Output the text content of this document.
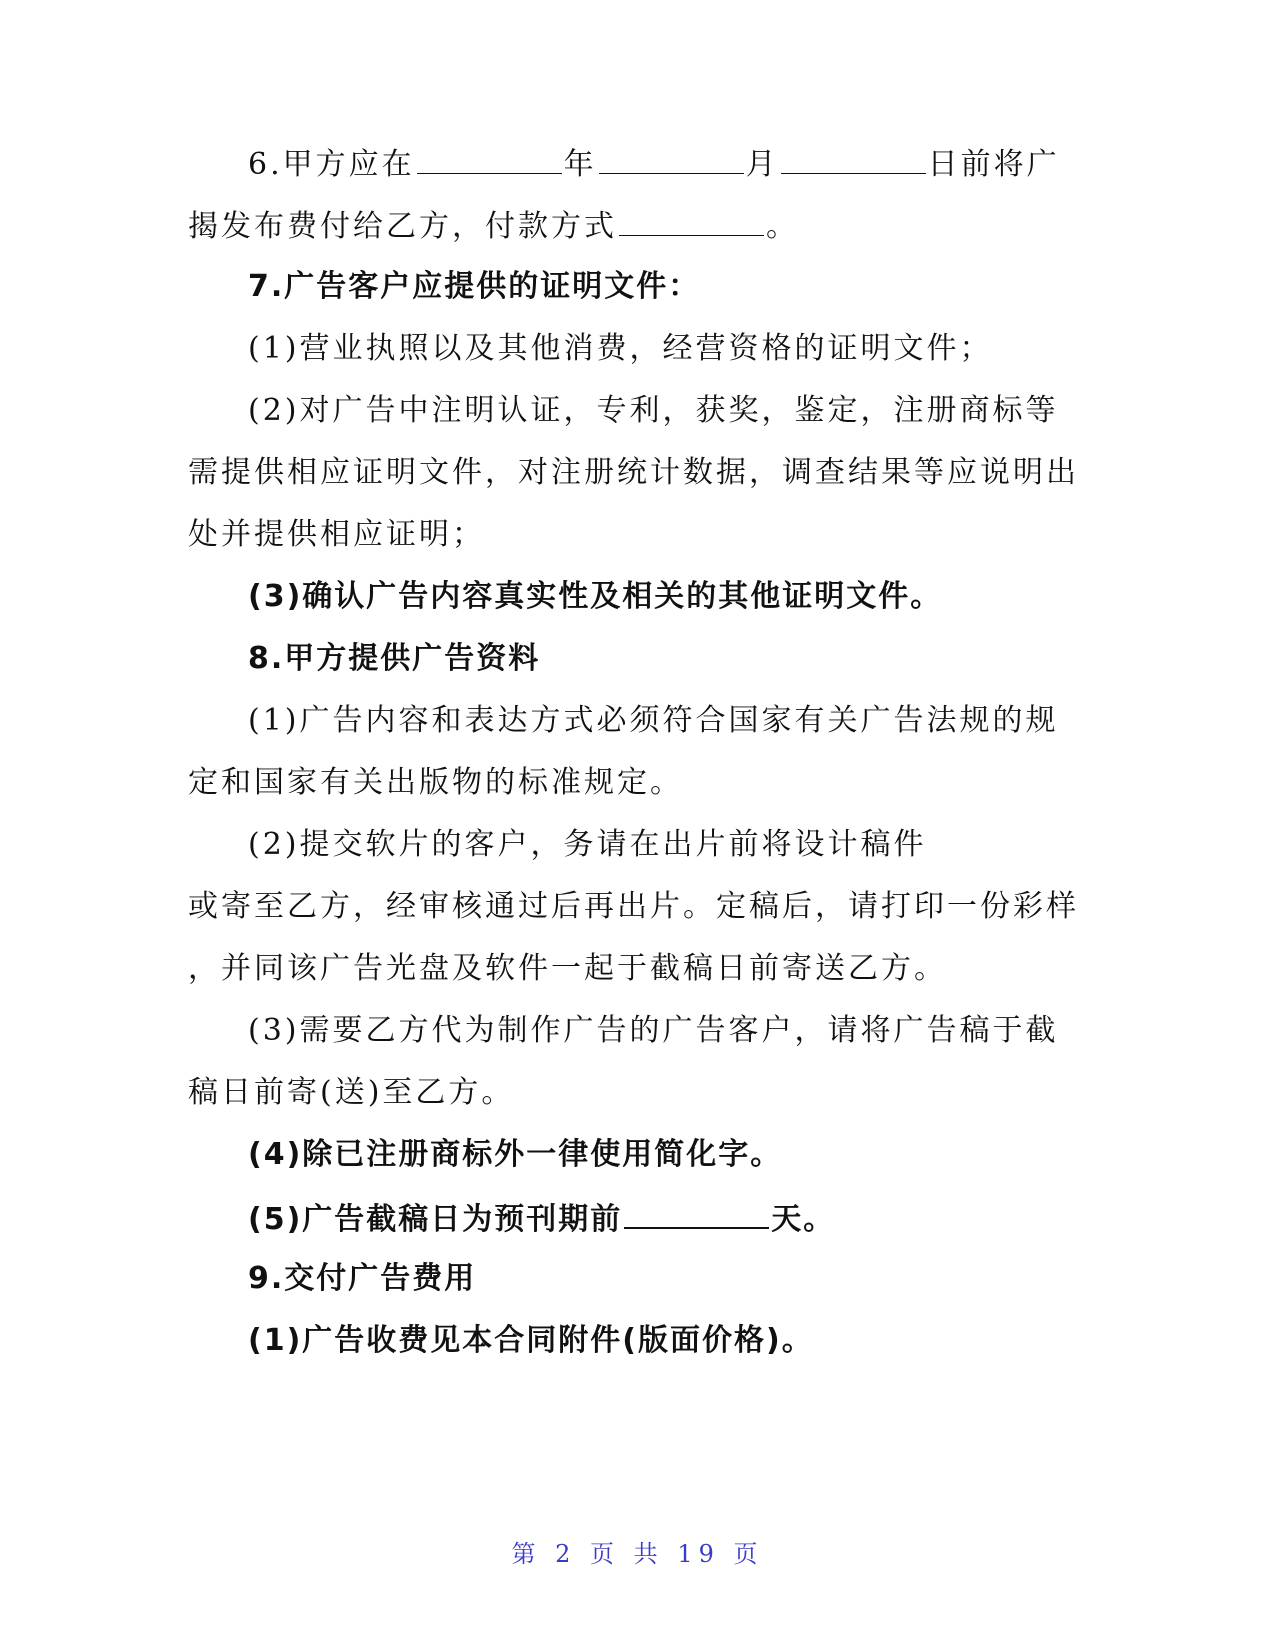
6.甲方应在	年	月	日前将广
揭发布费付给乙方，付款方式	。
7.广告客户应提供的证明文件：
(1)营业执照以及其他消费，经营资格的证明文件；
(2)对广告中注明认证，专利，获奖，鉴定，注册商标等
需提供相应证明文件，对注册统计数据，调查结果等应说明出
处并提供相应证明；
(3)确认广告内容真实性及相关的其他证明文件。
8.甲方提供广告资料
(1)广告内容和表达方式必须符合国家有关广告法规的规
定和国家有关出版物的标准规定。
(2)提交软片的客户，务请在出片前将设计稿件
或寄至乙方，经审核通过后再出片。定稿后，请打印一份彩样
，并同该广告光盘及软件一起于截稿日前寄送乙方。
(3)需要乙方代为制作广告的广告客户，请将广告稿于截
稿日前寄(送)至乙方。
(4)除已注册商标外一律使用简化字。
(5)广告截稿日为预刊期前	天。
9.交付广告费用
(1)广告收费见本合同附件(版面价格)。
第 2 页 共 19 页
